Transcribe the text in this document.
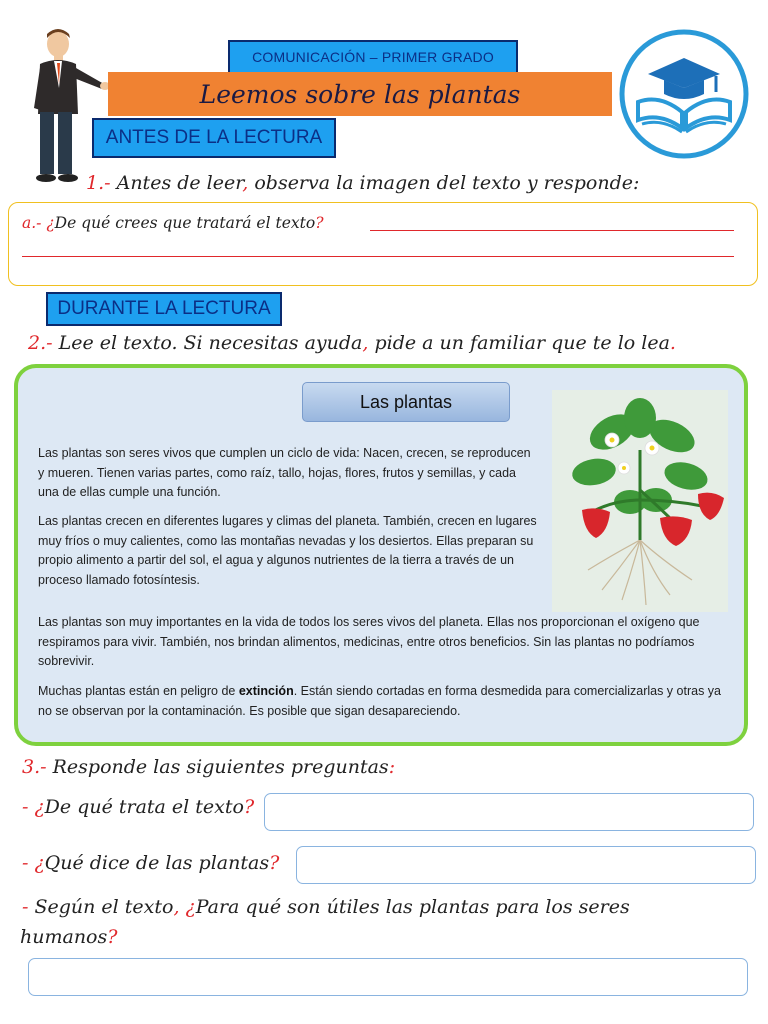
COMUNICACIÓN – PRIMER GRADO
Leemos sobre las plantas
ANTES DE LA LECTURA
1.- Antes de leer, observa la imagen del texto y responde:
a.- ¿De qué crees que tratará el texto?
DURANTE LA LECTURA
2.- Lee el texto. Si necesitas ayuda, pide a un familiar que te lo lea.
Las plantas

Las plantas son seres vivos que cumplen un ciclo de vida: Nacen, crecen, se reproducen y mueren. Tienen varias partes, como raíz, tallo, hojas, flores, frutos y semillas, y cada una de ellas cumple una función.

Las plantas crecen en diferentes lugares y climas del planeta. También, crecen en lugares muy fríos o muy calientes, como las montañas nevadas y los desiertos. Ellas preparan su propio alimento a partir del sol, el agua y algunos nutrientes de la tierra a través de un proceso llamado fotosíntesis.

Las plantas son muy importantes en la vida de todos los seres vivos del planeta. Ellas nos proporcionan el oxígeno que respiramos para vivir. También, nos brindan alimentos, medicinas, entre otros beneficios. Sin las plantas no podríamos sobrevivir.

Muchas plantas están en peligro de extinción. Están siendo cortadas en forma desmedida para comercializarlas y otras ya no se observan por la contaminación. Es posible que sigan desapareciendo.

3.- Responde las siguientes preguntas:
- ¿De qué trata el texto?
- ¿Qué dice de las plantas?
- Según el texto, ¿Para qué son útiles las plantas para los seres
humanos?
